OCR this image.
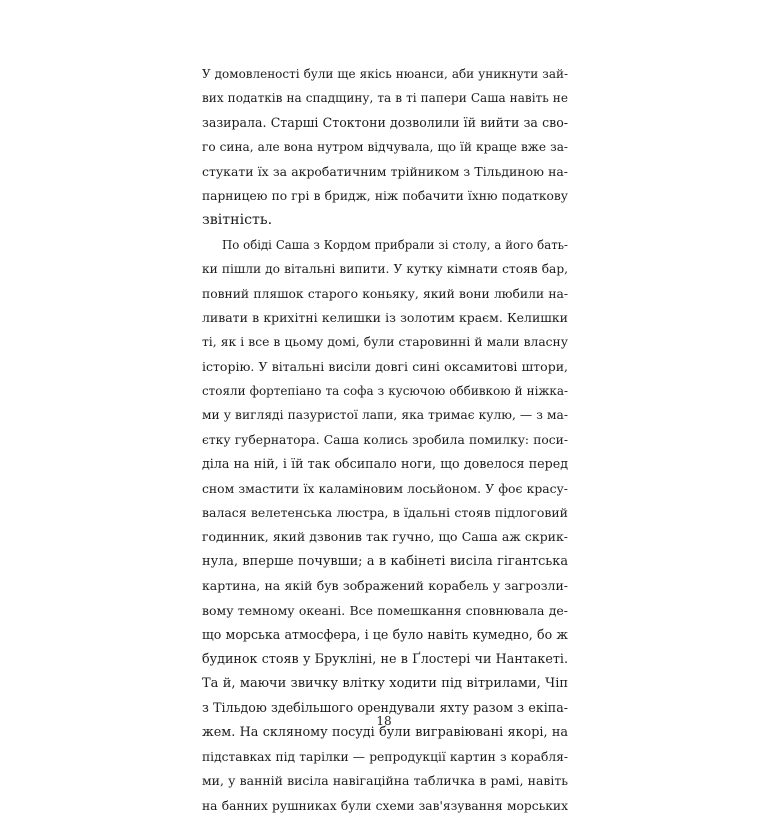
У домовленості були ще якісь нюанси, аби уникнути зай-
вих податків на спадщину, та в ті папери Саша навіть не
зазирала. Старші Стоктони дозволили їй вийти за сво-
го сина, але вона нутром відчувала, що їй краще вже за-
стукати їх за акробатичним трійником з Тільдиною на-
парницею по грі в бридж, ніж побачити їхню податкову
звітність.
По обіді Саша з Кордом прибрали зі столу, а його бать-
ки пішли до вітальні випити. У кутку кімнати стояв бар,
повний пляшок старого коньяку, який вони любили на-
ливати в крихітні келишки із золотим краєм. Келишки
ті, як і все в цьому домі, були старовинні й мали власну
історію. У вітальні висіли довгі сині оксамитові штори,
стояли фортепіано та софа з кусючою оббивкою й ніжка-
ми у вигляді пазуристої лапи, яка тримає кулю, — з ма-
єтку губернатора. Саша колись зробила помилку: поси-
діла на ній, і їй так обсипало ноги, що довелося перед
сном змастити їх каламіновим лосьйоном. У фоє красу-
валася велетенська люстра, в їдальні стояв підлоговий
годинник, який дзвонив так гучно, що Саша аж скрик-
нула, вперше почувши; а в кабінеті висіла гігантська
картина, на якій був зображений корабель у загрозли-
вому темному океані. Все помешкання сповнювала де-
що морська атмосфера, і це було навіть кумедно, бо ж
будинок стояв у Брукліні, не в Ґлостері чи Нантакеті.
Та й, маючи звичку влітку ходити під вітрилами, Чіп
з Тільдою здебільшого орендували яхту разом з екіпа-
жем. На скляному посуді були вигравіювані якорі, на
підставках під тарілки — репродукції картин з корабля-
ми, у ванній висіла навігаційна табличка в рамі, навіть
на банних рушниках були схеми зав'язування морських
18
